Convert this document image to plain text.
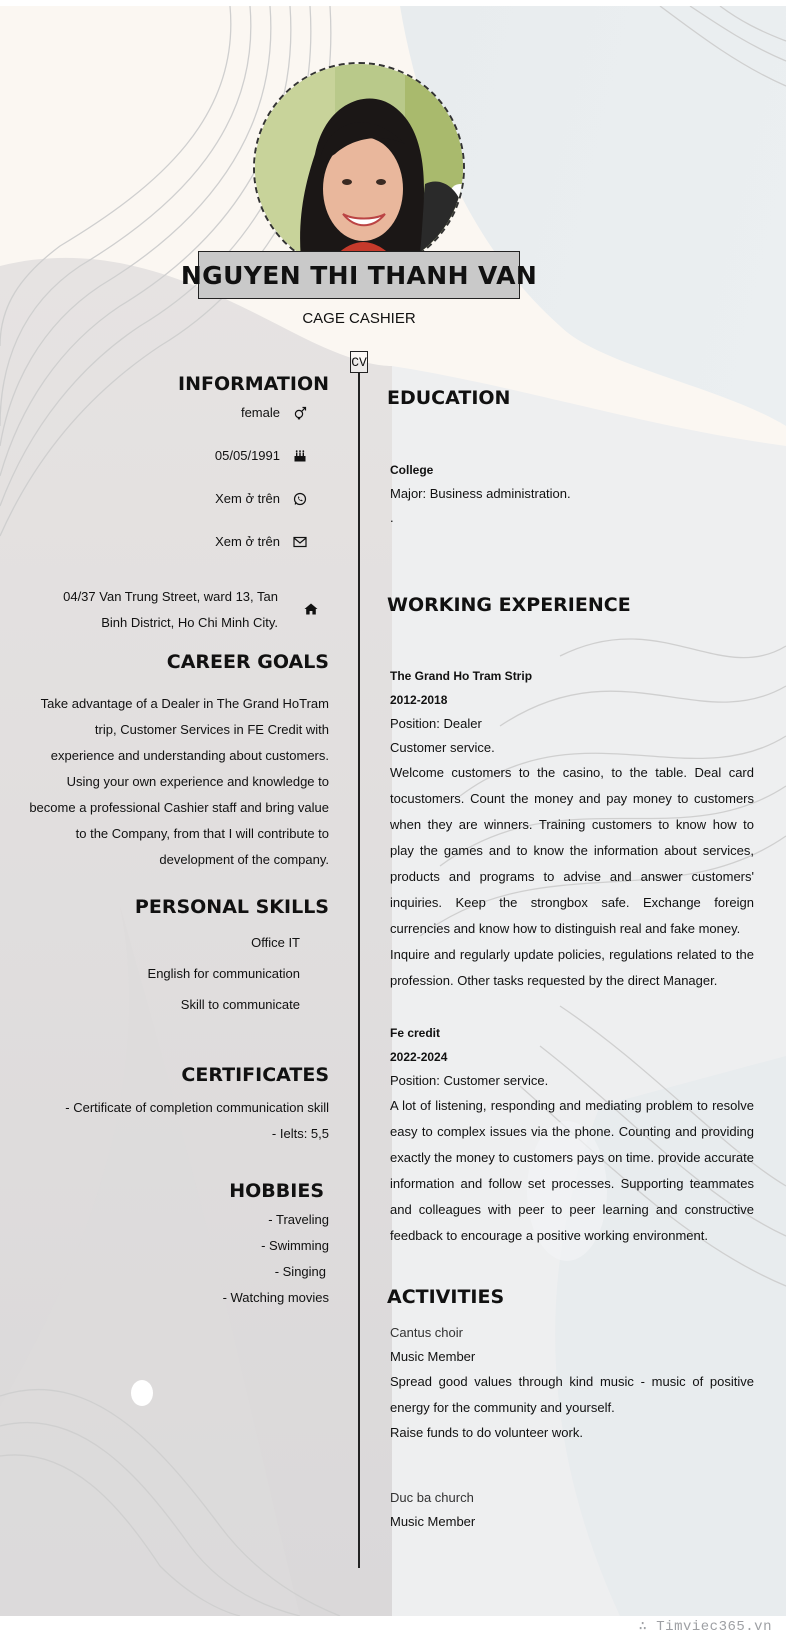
NGUYEN THI THANH VAN
CAGE CASHIER
CV
INFORMATION
female
05/05/1991
Xem ở trên
Xem ở trên
04/37 Van Trung Street, ward 13, Tan Binh District, Ho Chi Minh City.
CAREER GOALS
Take advantage of a Dealer in The Grand HoTram trip, Customer Services in FE Credit with experience and understanding about customers. Using your own experience and knowledge to become a professional Cashier staff and bring value to the Company, from that I will contribute to development of the company.
PERSONAL SKILLS
Office IT
English for communication
Skill to communicate
CERTIFICATES
- Certificate of completion communication skill
- Ielts: 5,5
HOBBIES
- Traveling
- Swimming
- Singing
- Watching movies
EDUCATION
College
Major: Business administration.
.
WORKING EXPERIENCE
The Grand Ho Tram Strip
2012-2018
Position: Dealer
Customer service.
Welcome customers to the casino, to the table. Deal card tocustomers. Count the money and pay money to customers when they are winners. Training customers to know how to play the games and to know the information about services, products and programs to advise and answer customers' inquiries. Keep the strongbox safe. Exchange foreign currencies and know how to distinguish real and fake money.
Inquire and regularly update policies, regulations related to the profession. Other tasks requested by the direct Manager.
Fe credit
2022-2024
Position: Customer service.
A lot of listening, responding and mediating problem to resolve easy to complex issues via the phone. Counting and providing exactly the money to customers pays on time. provide accurate information and follow set processes. Supporting teammates and colleagues with peer to peer learning and constructive feedback to encourage a positive working environment.
ACTIVITIES
Cantus choir
Music Member
Spread good values through kind music - music of positive energy for the community and yourself.
Raise funds to do volunteer work.
Duc ba church
Music Member
∴ Timviec365.vn
